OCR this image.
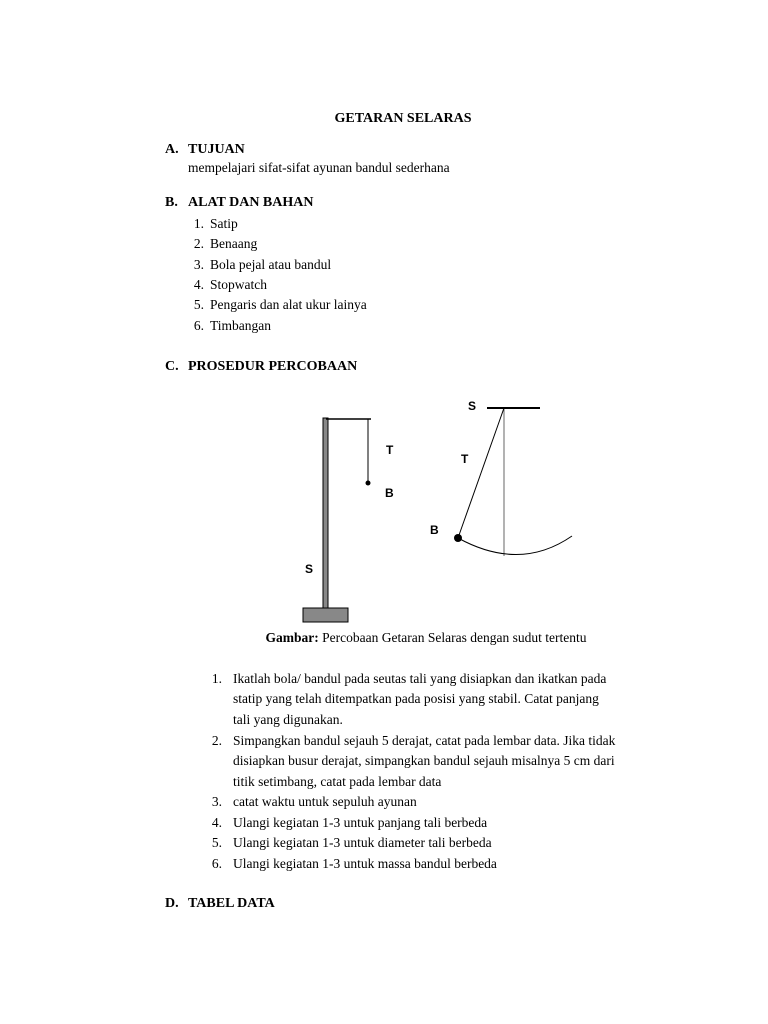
GETARAN SELARAS
A. TUJUAN
mempelajari sifat-sifat ayunan bandul sederhana
B. ALAT DAN BAHAN
1. Satip
2. Benaang
3. Bola pejal atau bandul
4. Stopwatch
5. Pengaris dan alat ukur lainya
6. Timbangan
C. PROSEDUR PERCOBAAN
T
B
S
S
T
B
Gambar: Percobaan Getaran Selaras dengan sudut tertentu
1. Ikatlah bola/ bandul pada seutas tali yang disiapkan dan ikatkan pada
statip yang telah ditempatkan pada posisi yang stabil. Catat panjang
tali yang digunakan.
2. Simpangkan bandul sejauh 5 derajat, catat pada lembar data. Jika tidak
disiapkan busur derajat, simpangkan bandul sejauh misalnya 5 cm dari
titik setimbang, catat pada lembar data
3. catat waktu untuk sepuluh ayunan
4. Ulangi kegiatan 1-3 untuk panjang tali berbeda
5. Ulangi kegiatan 1-3 untuk diameter tali berbeda
6. Ulangi kegiatan 1-3 untuk massa bandul berbeda
D. TABEL DATA
